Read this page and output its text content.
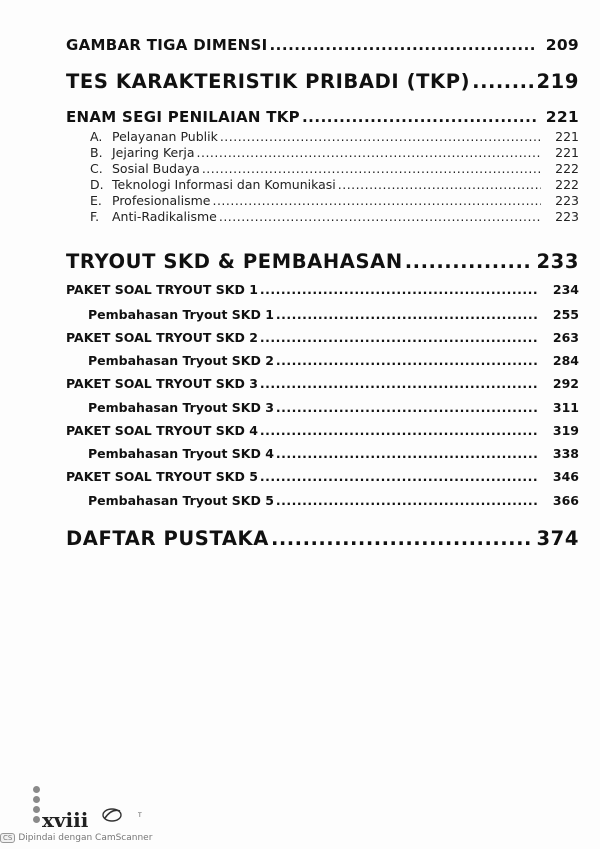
GAMBAR TIGA DIMENSI .....	209
TES KARAKTERISTIK PRIBADI (TKP) .....	219
ENAM SEGI PENILAIAN TKP .....	221
A. Pelayanan Publik .....	221
B. Jejaring Kerja .....	221
C. Sosial Budaya .....	222
D. Teknologi Informasi dan Komunikasi .....	222
E. Profesionalisme .....	223
F. Anti-Radikalisme .....	223
TRYOUT SKD & PEMBAHASAN .....	233
PAKET SOAL TRYOUT SKD 1 .....	234
Pembahasan Tryout SKD 1 .....	255
PAKET SOAL TRYOUT SKD 2 .....	263
Pembahasan Tryout SKD 2 .....	284
PAKET SOAL TRYOUT SKD 3 .....	292
Pembahasan Tryout SKD 3 .....	311
PAKET SOAL TRYOUT SKD 4 .....	319
Pembahasan Tryout SKD 4 .....	338
PAKET SOAL TRYOUT SKD 5 .....	346
Pembahasan Tryout SKD 5 .....	366
DAFTAR PUSTAKA .....	374
xviii	T
CS Dipindai dengan CamScanner
